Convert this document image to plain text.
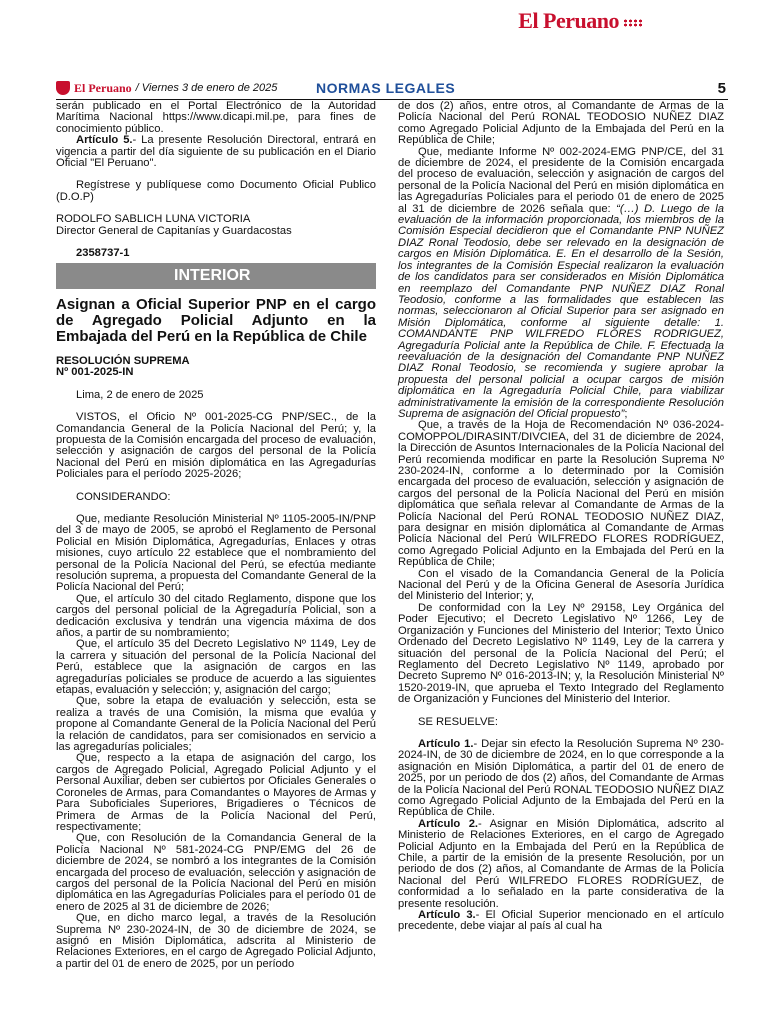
El Peruano
El Peruano / Viernes 3 de enero de 2025	NORMAS LEGALES	5

serán publicado en el Portal Electrónico de la Autoridad Marítima Nacional https://www.dicapi.mil.pe, para fines de conocimiento público.

Artículo 5.- La presente Resolución Directoral, entrará en vigencia a partir del día siguiente de su publicación en el Diario Oficial "El Peruano".

Regístrese y publíquese como Documento Oficial Publico (D.O.P)

RODOLFO SABLICH LUNA VICTORIA

Director General de Capitanías y Guardacostas

2358737-1

INTERIOR

Asignan a Oficial Superior PNP en el cargo de Agregado Policial Adjunto en la Embajada del Perú en la República de Chile

RESOLUCIÓN SUPREMA

Nº 001-2025-IN

Lima, 2 de enero de 2025

VISTOS, el Oficio Nº 001-2025-CG PNP/SEC., de la Comandancia General de la Policía Nacional del Perú; y, la propuesta de la Comisión encargada del proceso de evaluación, selección y asignación de cargos del personal de la Policía Nacional del Perú en misión diplomática en las Agregadurías Policiales para el período 2025-2026;

CONSIDERANDO:

Que, mediante Resolución Ministerial Nº 1105-2005-IN/PNP del 3 de mayo de 2005, se aprobó el Reglamento de Personal Policial en Misión Diplomática, Agregadurías, Enlaces y otras misiones, cuyo artículo 22 establece que el nombramiento del personal de la Policía Nacional del Perú, se efectúa mediante resolución suprema, a propuesta del Comandante General de la Policía Nacional del Perú;

Que, el artículo 30 del citado Reglamento, dispone que los cargos del personal policial de la Agregaduría Policial, son a dedicación exclusiva y tendrán una vigencia máxima de dos años, a partir de su nombramiento;

Que, el artículo 35 del Decreto Legislativo Nº 1149, Ley de la carrera y situación del personal de la Policía Nacional del Perú, establece que la asignación de cargos en las agregadurías policiales se produce de acuerdo a las siguientes etapas, evaluación y selección; y, asignación del cargo;

Que, sobre la etapa de evaluación y selección, esta se realiza a través de una Comisión, la misma que evalúa y propone al Comandante General de la Policía Nacional del Perú la relación de candidatos, para ser comisionados en servicio a las agregadurías policiales;

Que, respecto a la etapa de asignación del cargo, los cargos de Agregado Policial, Agregado Policial Adjunto y el Personal Auxiliar, deben ser cubiertos por Oficiales Generales o Coroneles de Armas, para Comandantes o Mayores de Armas y Para Suboficiales Superiores, Brigadieres o Técnicos de Primera de Armas de la Policía Nacional del Perú, respectivamente;

Que, con Resolución de la Comandancia General de la Policía Nacional Nº 581-2024-CG PNP/EMG del 26 de diciembre de 2024, se nombró a los integrantes de la Comisión encargada del proceso de evaluación, selección y asignación de cargos del personal de la Policía Nacional del Perú en misión diplomática en las Agregadurías Policiales para el período 01 de enero de 2025 al 31 de diciembre de 2026;

Que, en dicho marco legal, a través de la Resolución Suprema Nº 230-2024-IN, de 30 de diciembre de 2024, se asignó en Misión Diplomática, adscrita al Ministerio de Relaciones Exteriores, en el cargo de Agregado Policial Adjunto, a partir del 01 de enero de 2025, por un período

de dos (2) años, entre otros, al Comandante de Armas de la Policía Nacional del Perú RONAL TEODOSIO NUÑEZ DIAZ como Agregado Policial Adjunto de la Embajada del Perú en la República de Chile;

Que, mediante Informe Nº 002-2024-EMG PNP/CE, del 31 de diciembre de 2024, el presidente de la Comisión encargada del proceso de evaluación, selección y asignación de cargos del personal de la Policía Nacional del Perú en misión diplomática en las Agregadurías Policiales para el periodo 01 de enero de 2025 al 31 de diciembre de 2026 señala que: “(…) D. Luego de la evaluación de la información proporcionada, los miembros de la Comisión Especial decidieron que el Comandante PNP NUÑEZ DIAZ Ronal Teodosio, debe ser relevado en la designación de cargos en Misión Diplomática. E. En el desarrollo de la Sesión, los integrantes de la Comisión Especial realizaron la evaluación de los candidatos para ser considerados en Misión Diplomática en reemplazo del Comandante PNP NUÑEZ DIAZ Ronal Teodosio, conforme a las formalidades que establecen las normas, seleccionaron al Oficial Superior para ser asignado en Misión Diplomática, conforme al siguiente detalle: 1. COMANDANTE PNP WILFREDO FLORES RODRIGUEZ, Agregaduría Policial ante la República de Chile. F. Efectuada la reevaluación de la designación del Comandante PNP NUÑEZ DIAZ Ronal Teodosio, se recomienda y sugiere aprobar la propuesta del personal policial a ocupar cargos de misión diplomática en la Agregaduría Policial Chile, para viabilizar administrativamente la emisión de la correspondiente Resolución Suprema de asignación del Oficial propuesto”;

Que, a través de la Hoja de Recomendación Nº 036-2024-COMOPPOL/DIRASINT/DIVCIEA, del 31 de diciembre de 2024, la Dirección de Asuntos Internacionales de la Policía Nacional del Perú recomienda modificar en parte la Resolución Suprema Nº 230-2024-IN, conforme a lo determinado por la Comisión encargada del proceso de evaluación, selección y asignación de cargos del personal de la Policía Nacional del Perú en misión diplomática que señala relevar al Comandante de Armas de la Policía Nacional del Perú RONAL TEODOSIO NUÑEZ DIAZ, para designar en misión diplomática al Comandante de Armas Policía Nacional del Perú WILFREDO FLORES RODRÍGUEZ, como Agregado Policial Adjunto en la Embajada del Perú en la República de Chile;

Con el visado de la Comandancia General de la Policía Nacional del Perú y de la Oficina General de Asesoría Jurídica del Ministerio del Interior; y,

De conformidad con la Ley Nº 29158, Ley Orgánica del Poder Ejecutivo; el Decreto Legislativo Nº 1266, Ley de Organización y Funciones del Ministerio del Interior; Texto Único Ordenado del Decreto Legislativo Nº 1149, Ley de la carrera y situación del personal de la Policía Nacional del Perú; el Reglamento del Decreto Legislativo Nº 1149, aprobado por Decreto Supremo Nº 016-2013-IN; y, la Resolución Ministerial Nº 1520-2019-IN, que aprueba el Texto Integrado del Reglamento de Organización y Funciones del Ministerio del Interior.

SE RESUELVE:

Artículo 1.- Dejar sin efecto la Resolución Suprema Nº 230-2024-IN, de 30 de diciembre de 2024, en lo que corresponde a la asignación en Misión Diplomática, a partir del 01 de enero de 2025, por un periodo de dos (2) años, del Comandante de Armas de la Policía Nacional del Perú RONAL TEODOSIO NUÑEZ DIAZ como Agregado Policial Adjunto de la Embajada del Perú en la República de Chile.

Artículo 2.- Asignar en Misión Diplomática, adscrito al Ministerio de Relaciones Exteriores, en el cargo de Agregado Policial Adjunto en la Embajada del Perú en la República de Chile, a partir de la emisión de la presente Resolución, por un periodo de dos (2) años, al Comandante de Armas de la Policía Nacional del Perú WILFREDO FLORES RODRÍGUEZ, de conformidad a lo señalado en la parte considerativa de la presente resolución.

Artículo 3.- El Oficial Superior mencionado en el artículo precedente, debe viajar al país al cual ha
